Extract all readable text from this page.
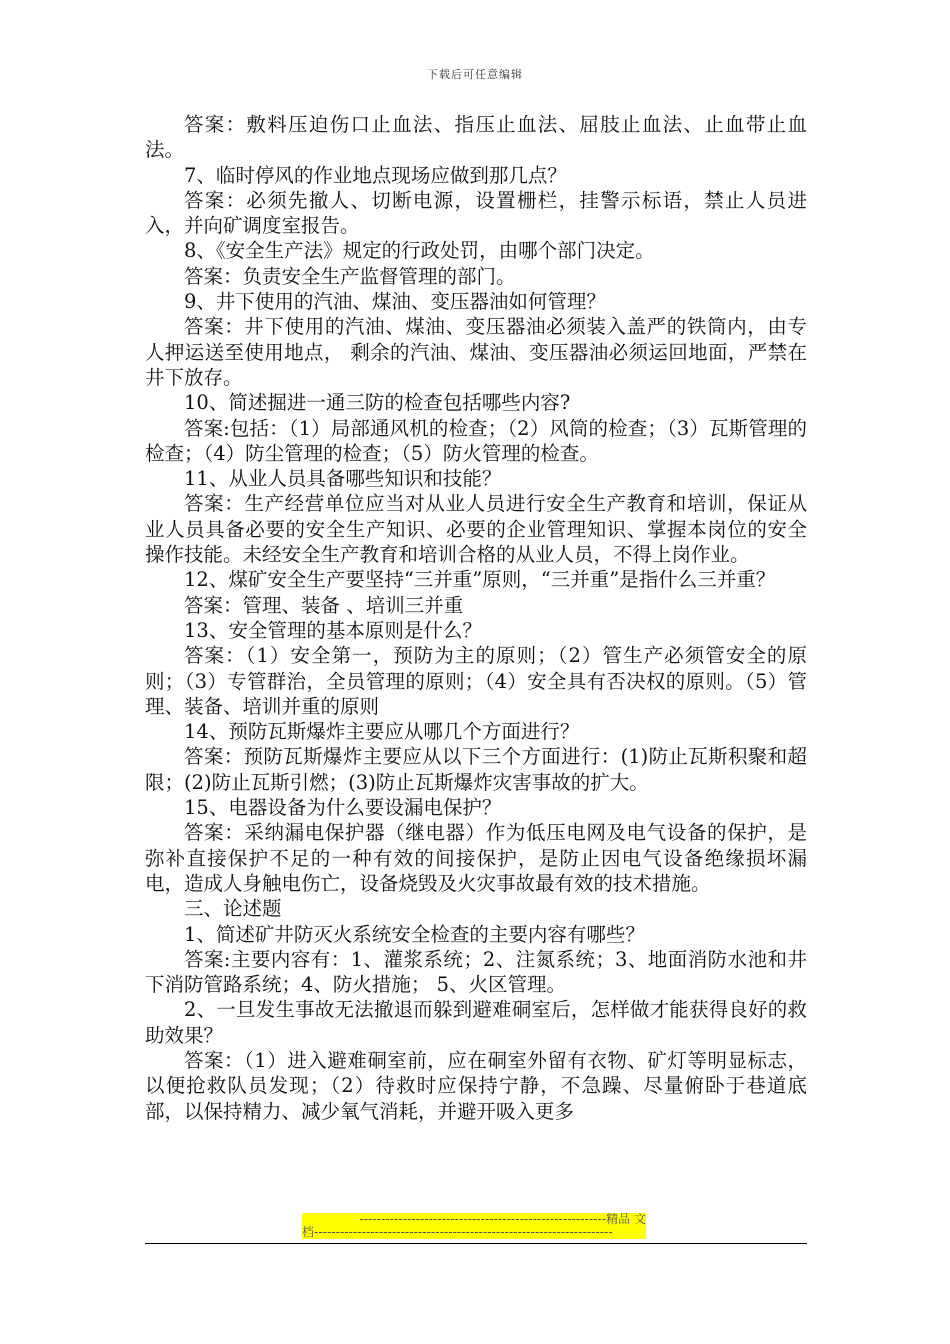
下载后可任意编辑

答案：敷料压迫伤口止血法、指压止血法、屈肢止血法、止血带止血法。

7、临时停风的作业地点现场应做到那几点？

答案：必须先撤人、切断电源，设置栅栏，挂警示标语，禁止人员进入，并向矿调度室报告。

8、《安全生产法》规定的行政处罚，由哪个部门决定。

答案：负责安全生产监督管理的部门。

9、井下使用的汽油、煤油、变压器油如何管理？

答案：井下使用的汽油、煤油、变压器油必须装入盖严的铁筒内，由专人押运送至使用地点， 剩余的汽油、煤油、变压器油必须运回地面，严禁在井下放存。

10、简述掘进一通三防的检查包括哪些内容?

答案:包括：（1）局部通风机的检查；（2）风筒的检查；（3）瓦斯管理的检查；（4）防尘管理的检查；（5）防火管理的检查。

11、从业人员具备哪些知识和技能？

答案：生产经营单位应当对从业人员进行安全生产教育和培训，保证从业人员具备必要的安全生产知识、必要的企业管理知识、掌握本岗位的安全操作技能。未经安全生产教育和培训合格的从业人员，不得上岗作业。

12、煤矿安全生产要坚持“三并重”原则，“三并重”是指什么三并重？

答案：管理、装备 、培训三并重

13、安全管理的基本原则是什么？

答案：（1）安全第一，预防为主的原则；（2）管生产必须管安全的原则；（3）专管群治，全员管理的原则；（4）安全具有否决权的原则。（5）管理、装备、培训并重的原则

14、预防瓦斯爆炸主要应从哪几个方面进行？

答案：预防瓦斯爆炸主要应从以下三个方面进行：(1)防止瓦斯积聚和超限；(2)防止瓦斯引燃；(3)防止瓦斯爆炸灾害事故的扩大。

15、电器设备为什么要设漏电保护？

答案：采纳漏电保护器（继电器）作为低压电网及电气设备的保护，是弥补直接保护不足的一种有效的间接保护，是防止因电气设备绝缘损坏漏电，造成人身触电伤亡，设备烧毁及火灾事故最有效的技术措施。

三、论述题

1、简述矿井防灭火系统安全检查的主要内容有哪些？

答案:主要内容有：1、灌浆系统；2、注氮系统；3、地面消防水池和井下消防管路系统；4、防火措施； 5、火区管理。

2、一旦发生事故无法撤退而躲到避难硐室后，怎样做才能获得良好的救助效果？

答案：（1）进入避难硐室前，应在硐室外留有衣物、矿灯等明显标志，以便抢救队员发现；（2）待救时应保持宁静，不急躁、尽量俯卧于巷道底部，以保持精力、减少氧气消耗，并避开吸入更多

---------------------------------------------------------精品 文
档---------------------------------------------------------------------
